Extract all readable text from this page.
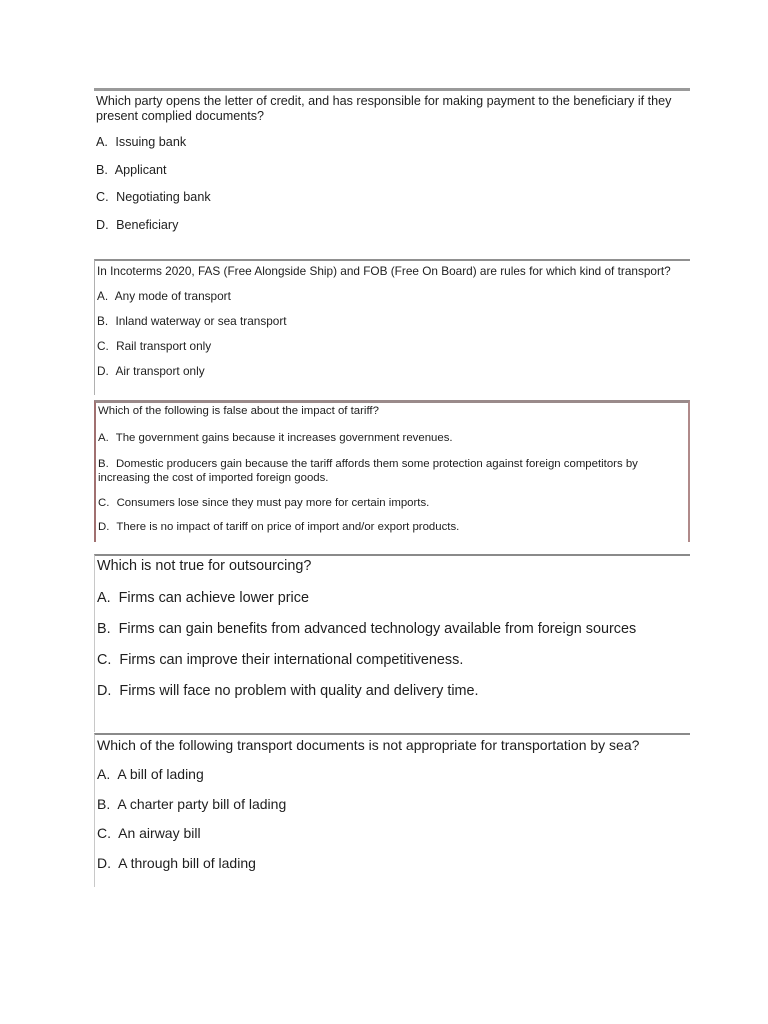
Which party opens the letter of credit, and has responsible for making payment to the beneficiary if they present complied documents?

A. Issuing bank
B. Applicant
C. Negotiating bank
D. Beneficiary

In Incoterms 2020, FAS (Free Alongside Ship) and FOB (Free On Board) are rules for which kind of transport?

A. Any mode of transport
B. Inland waterway or sea transport
C. Rail transport only
D. Air transport only

Which of the following is false about the impact of tariff?

A. The government gains because it increases government revenues.
B. Domestic producers gain because the tariff affords them some protection against foreign competitors by increasing the cost of imported foreign goods.
C. Consumers lose since they must pay more for certain imports.
D. There is no impact of tariff on price of import and/or export products.

Which is not true for outsourcing?

A. Firms can achieve lower price
B. Firms can gain benefits from advanced technology available from foreign sources
C. Firms can improve their international competitiveness.
D. Firms will face no problem with quality and delivery time.

Which of the following transport documents is not appropriate for transportation by sea?

A. A bill of lading
B. A charter party bill of lading
C. An airway bill
D. A through bill of lading
